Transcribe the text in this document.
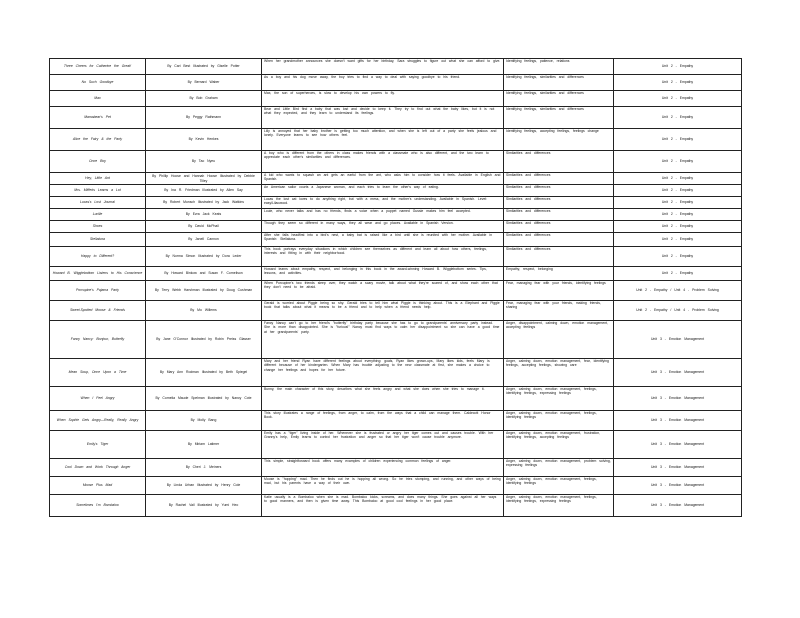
Three Cheers for Catherine the Great!	By Cari Best Illustrated by Giselle Potter	When her grandmother announces she doesn't want gifts for her birthday, Sara struggles to figure out what she can afford to give.	Identifying feelings, patience, relations	Unit 2 - Empathy
No Such Goodbye	By Bernard Waber	As a boy and his dog move away, the boy tries to find a way to deal with saying goodbye to his friend.	Identifying feelings, similarities and differences	Unit 2 - Empathy
Max	By Bob Graham	Max, the son of superheroes, is slow to develop his own powers to fly.	Identifying feelings, similarities and differences	Unit 2 - Empathy
Mamabear's Pet	By Peggy Rathmann	Bear and Little Bird find a baby that was lost and decide to keep it. They try to find out what the baby likes, but it is not what they expected, and they learn to understand its feelings.	Identifying feelings, similarities and differences	Unit 2 - Empathy
Alice the Fairy & the Party	By Kevin Henkes	Lilly is annoyed that her baby brother is getting too much attention, and when she is left out of a party she feels jealous and lonely. Everyone learns to see how others feel.	Identifying feelings, accepting feelings, feelings change	Unit 2 - Empathy
Once Boy	By Tao Nyeu	A boy who is different from the others in class makes friends with a classmate who is also different, and the two learn to appreciate each other's similarities and differences.	Similarities and differences	Unit 2 - Empathy
Hey, Little Ant	By Phillip Hoose and Hannah Hoose Illustrated by Debbie Tilley	A kid who wants to squash an ant gets an earful from the ant, who asks him to consider how it feels. Available in English and Spanish.	Similarities and differences	Unit 2 - Empathy
Mrs. Mifferts Learns a Lot	By Ina R. Friedman Illustrated by Allen Say	An American sailor courts a Japanese woman, and each tries to learn the other's way of eating.	Similarities and differences	Unit 2 - Empathy
Lucas's Lost Journal	By Robert Munsch Illustrated by Jack Watkins	Lucas the lost cat loves to do anything right, but with a mess, and the mother's understanding. Available in Spanish. Level: easy/Lilacwood.	Similarities and differences	Unit 2 - Empathy
Lucille	By Ezra Jack Keats	Louie, who never talks and has no friends, finds a voice when a puppet named Gussie makes him feel accepted.	Similarities and differences	Unit 2 - Empathy
Shoes	By David McPhail	Though they seem so different in many ways, they all wear and go places. Available in Spanish Version.	Similarities and differences	Unit 2 - Empathy
Stellaluna	By Janell Cannon	After she falls headfirst into a bird's nest, a baby bat is raised like a bird until she is reunited with her mother. Available in Spanish: Stellaluna.	Similarities and differences	Unit 2 - Empathy
Happy to Different?	By Norma Simon Illustrated by Dora Leder	This book portrays everyday situations in which children see themselves as different and learn all about how others, feelings, interests and fitting in with their neighborhood.	Similarities and differences	Unit 2 - Empathy
Howard B. Wigglebottom Listens to His Conscience	By Howard Binkow and Susan F. Cornelison	Howard learns about empathy, respect, and belonging in this book in the award-winning Howard B. Wigglebottom series. Tips, lessons, and activities.	Empathy, respect, belonging	Unit 2 - Empathy
Porcupine's Pajama Party	By Terry Webb Harshman Illustrated by Doug Cushman	When Porcupine's two friends sleep over, they watch a scary movie, talk about what they're scared of, and show each other that they don't need to be afraid.	Fear, managing fear with your friends, identifying feelings	Unit 2 - Empathy / Unit 4 - Problem Solving
Sweet-Spotted Moose & Friends	By Mo Willems	Gerald is worried about Piggie being so shy. Gerald tries to tell him what Piggie is thinking about. This is a Elephant and Piggie book that talks about what it means to be a friend and to help when a friend needs help.	Fear, managing fear with your friends, making friends, sharing	Unit 2 - Empathy / Unit 4 - Problem Solving
Fancy Nancy: Bonjour, Butterfly	By Jane O'Connor Illustrated by Robin Preiss Glasser	Fancy Nancy can't go to her friend's "butterfly" birthday party because she has to go to grandparents' anniversary party instead. She is more than disappointed. She is "furious!" Nancy must find ways to calm her disappointment so she can have a good time at her grandparents' party.	Anger, disappointment, calming down, emotion management, accepting feelings	Unit 3 - Emotion Management
Mean Soup, Once Upon a Time	By Mary Ann Rodman Illustrated by Beth Spiegel	Mary and her friend Ryan have different feelings about everything: goals, Ryan likes grown-ups, Mary likes kids, feels Mary is different because of her kindergarten. When Mary has trouble adjusting to the new classmate at first, she makes a choice to change her feelings and hopes for her future.	Anger, calming down, emotion management, fear, identifying feelings, accepting feelings, showing care	Unit 3 - Emotion Management
When I Feel Angry	By Cornelia Maude Spelman Illustrated by Nancy Cote	Bunny, the main character of this story, describes what she feels angry and what she does when she tries to manage it.	Anger, calming down, emotion management, feelings, identifying feelings, expressing feelings	Unit 3 - Emotion Management
When Sophie Gets Angry—Really, Really Angry	By Molly Bang	This story illustrates a range of feelings, from anger, to calm, from the ways that a child can manage them. Caldecott Honor Book.	Anger, calming down, emotion management, feelings, identifying feelings	Unit 3 - Emotion Management
Emily's Tiger	By Miriam Latimer	Emily has a "tiger" living inside of her. Whenever she is frustrated or angry her tiger comes out and causes trouble. With her Granny's help, Emily learns to control her frustration and anger so that her tiger won't cause trouble anymore.	Anger, calming down, emotion management, frustration, identifying feelings, accepting feelings	Unit 3 - Emotion Management
Cool Down and Work Through Anger	By Cheri J. Meiners	This simple, straightforward book offers many examples of children experiencing common feelings of anger.	Anger, calming down, emotion management, problem solving, expressing feelings	Unit 3 - Emotion Management
Moose Plus Mad	By Linda Urban Illustrated by Henry Cole	Moose is "hopping" mad. Then he finds out he is hopping all wrong. So he tries stomping, and running, and other ways of being mad, but his parents have a way of their own.	Anger, calming down, emotion management, feelings, identifying feelings	Unit 3 - Emotion Management
Sometimes I'm Bombaloo	By Rachel Vail Illustrated by Yumi Heo	Katie usually is a Bombaloo when she is mad. Bombaloo kicks, screams, and does many things. She goes against all her ways to good manners, and then is given time away. This Bombaloo at good cool feelings in her good place.	Anger, calming down, emotion management, feelings, identifying feelings, expressing feelings	Unit 3 - Emotion Management
